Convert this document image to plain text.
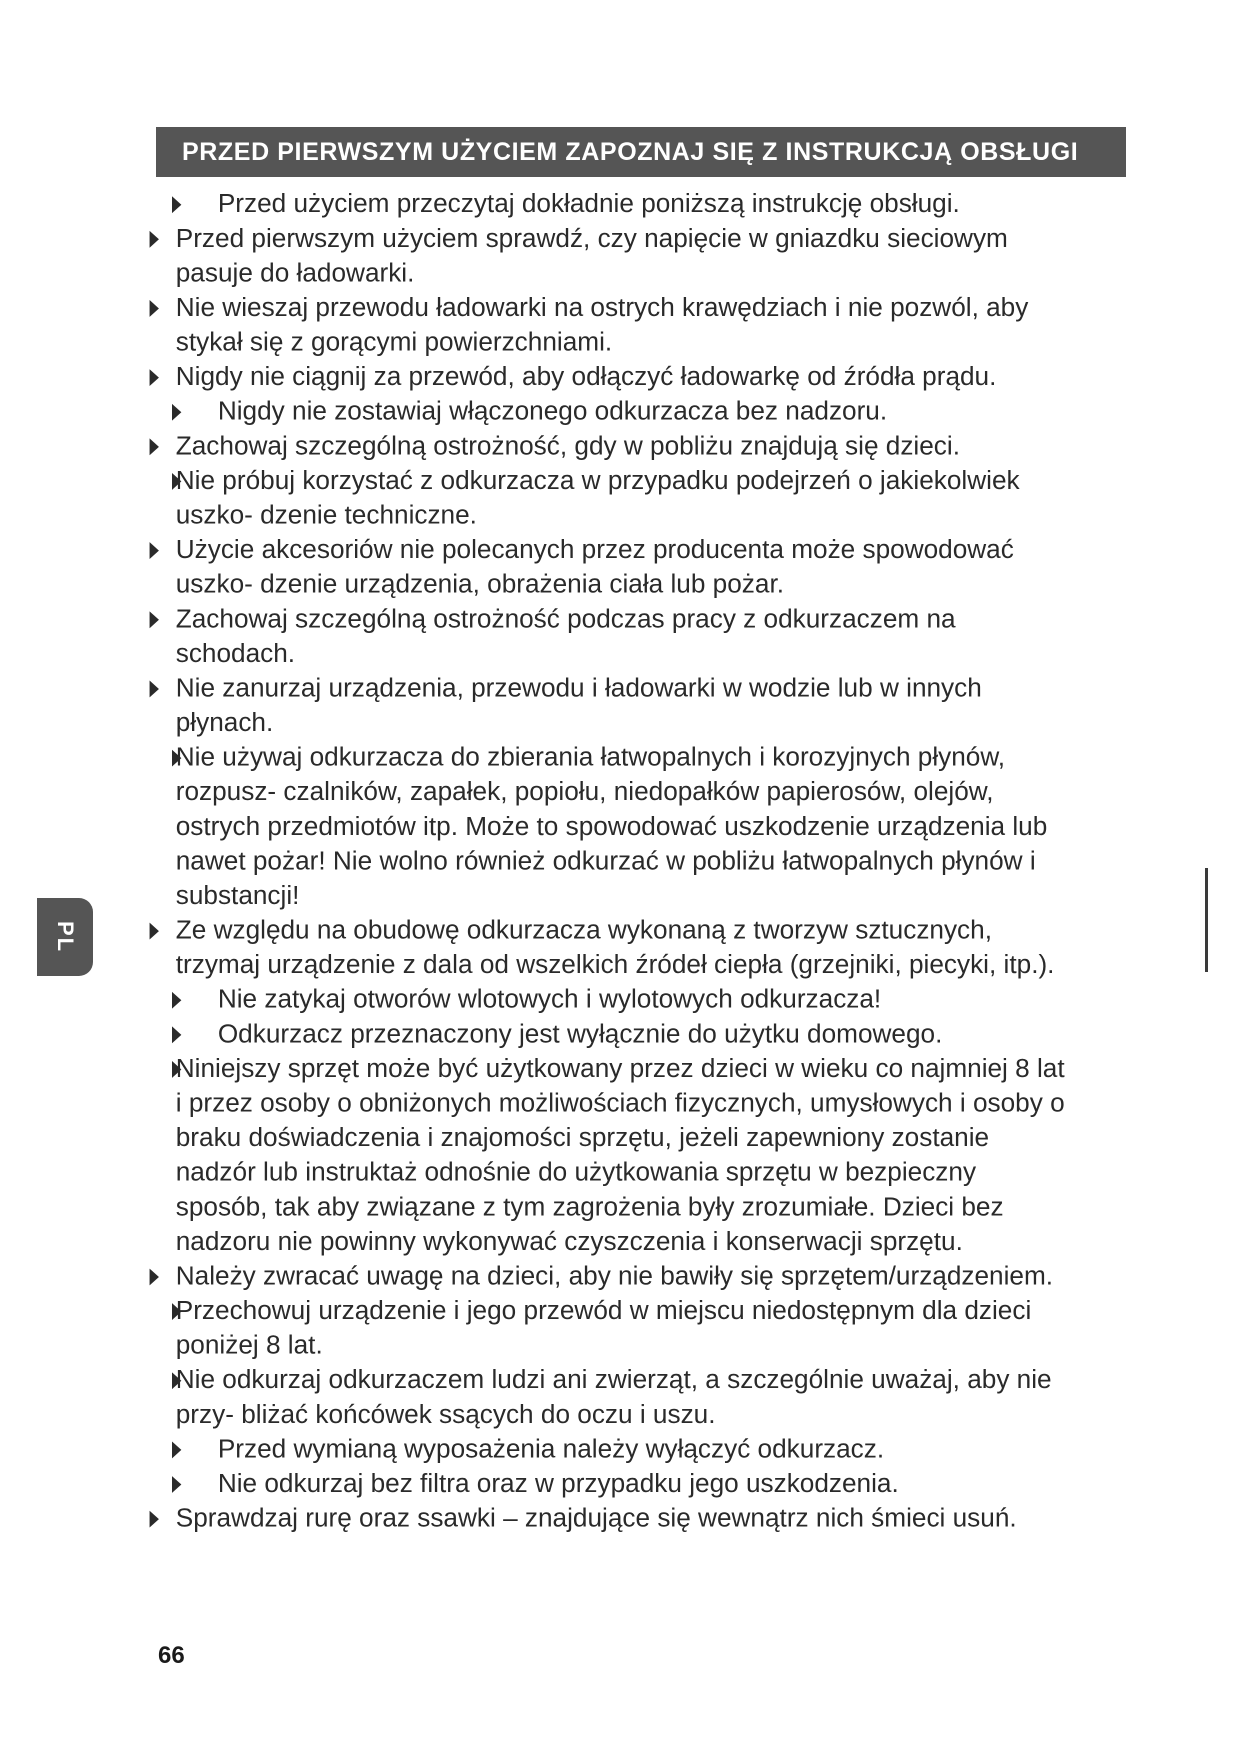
PRZED PIERWSZYM UŻYCIEM ZAPOZNAJ SIĘ Z INSTRUKCJĄ OBSŁUGI
Przed użyciem przeczytaj dokładnie poniższą instrukcję obsługi.
Przed pierwszym użyciem sprawdź, czy napięcie w gniazdku sieciowym pasuje do ładowarki.
Nie wieszaj przewodu ładowarki na ostrych krawędziach i nie pozwól, aby stykał się z gorącymi powierzchniami.
Nigdy nie ciągnij za przewód, aby odłączyć ładowarkę od źródła prądu.
Nigdy nie zostawiaj włączonego odkurzacza bez nadzoru.
Zachowaj szczególną ostrożność, gdy w pobliżu znajdują się dzieci.
Nie próbuj korzystać z odkurzacza w przypadku podejrzeń o jakiekolwiek uszko- dzenie techniczne.
Użycie akcesoriów nie polecanych przez producenta może spowodować uszko- dzenie urządzenia, obrażenia ciała lub pożar.
Zachowaj szczególną ostrożność podczas pracy z odkurzaczem na schodach.
Nie zanurzaj urządzenia, przewodu i ładowarki w wodzie lub w innych płynach.
Nie używaj odkurzacza do zbierania łatwopalnych i korozyjnych płynów, rozpusz- czalników, zapałek, popiołu, niedopałków papierosów, olejów, ostrych przedmiotów itp. Może to spowodować uszkodzenie urządzenia lub nawet pożar! Nie wolno również odkurzać w pobliżu łatwopalnych płynów i substancji!
Ze względu na obudowę odkurzacza wykonaną z tworzyw sztucznych, trzymaj urządzenie z dala od wszelkich źródeł ciepła (grzejniki, piecyki, itp.).
Nie zatykaj otworów wlotowych i wylotowych odkurzacza!
Odkurzacz przeznaczony jest wyłącznie do użytku domowego.
Niniejszy sprzęt może być użytkowany przez dzieci w wieku co najmniej 8 lat i przez osoby o obniżonych możliwościach fizycznych, umysłowych i osoby o braku doświadczenia i znajomości sprzętu, jeżeli zapewniony zostanie nadzór lub instruktaż odnośnie do użytkowania sprzętu w bezpieczny sposób, tak aby związane z tym zagrożenia były zrozumiałe. Dzieci bez nadzoru nie powinny wykonywać czyszczenia i konserwacji sprzętu.
Należy zwracać uwagę na dzieci, aby nie bawiły się sprzętem/urządzeniem.
Przechowuj urządzenie i jego przewód w miejscu niedostępnym dla dzieci poniżej 8 lat.
Nie odkurzaj odkurzaczem ludzi ani zwierząt, a szczególnie uważaj, aby nie przy- bliżać końcówek ssących do oczu i uszu.
Przed wymianą wyposażenia należy wyłączyć odkurzacz.
Nie odkurzaj bez filtra oraz w przypadku jego uszkodzenia.
Sprawdzaj rurę oraz ssawki – znajdujące się wewnątrz nich śmieci usuń.
PL
66
